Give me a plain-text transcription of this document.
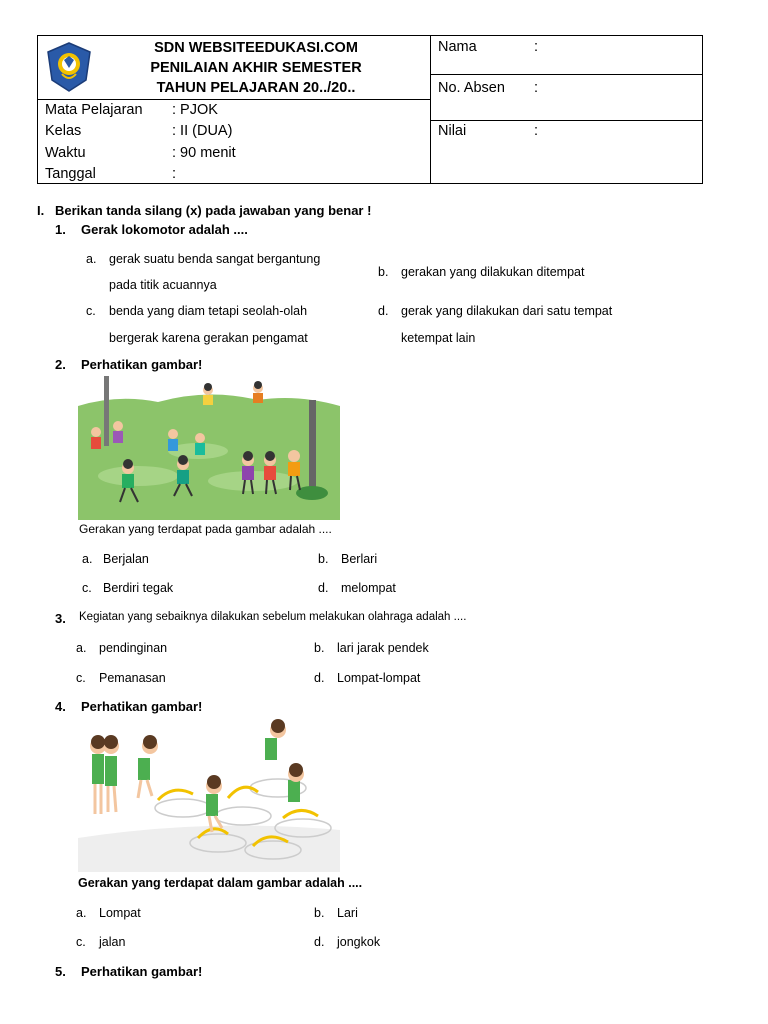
SDN WEBSITEEDUKASI.COM
PENILAIAN AKHIR SEMESTER
TAHUN PELAJARAN 20../20..
Mata Pelajaran : PJOK
Kelas	: II (DUA)
Waktu	: 90 menit
Tanggal	:
Nama	:
No. Absen :
Nilai	:
I. Berikan tanda silang (x) pada jawaban yang benar !
1. Gerak lokomotor adalah ....
a. gerak suatu benda sangat bergantung
pada titik acuannya
b. gerakan yang dilakukan ditempat
c. benda yang diam tetapi seolah-olah
bergerak karena gerakan pengamat
d. gerak yang dilakukan dari satu tempat
ketempat lain
2. Perhatikan gambar!
Gerakan yang terdapat pada gambar adalah ....
a. Berjalan	b. Berlari
c. Berdiri tegak	d. melompat
3. Kegiatan yang sebaiknya dilakukan sebelum melakukan olahraga adalah ....
a. pendinginan	b. lari jarak pendek
c. Pemanasan	d. Lompat-lompat
4. Perhatikan gambar!
Gerakan yang terdapat dalam gambar adalah ....
a. Lompat	b. Lari
c. jalan	d. jongkok
5. Perhatikan gambar!
